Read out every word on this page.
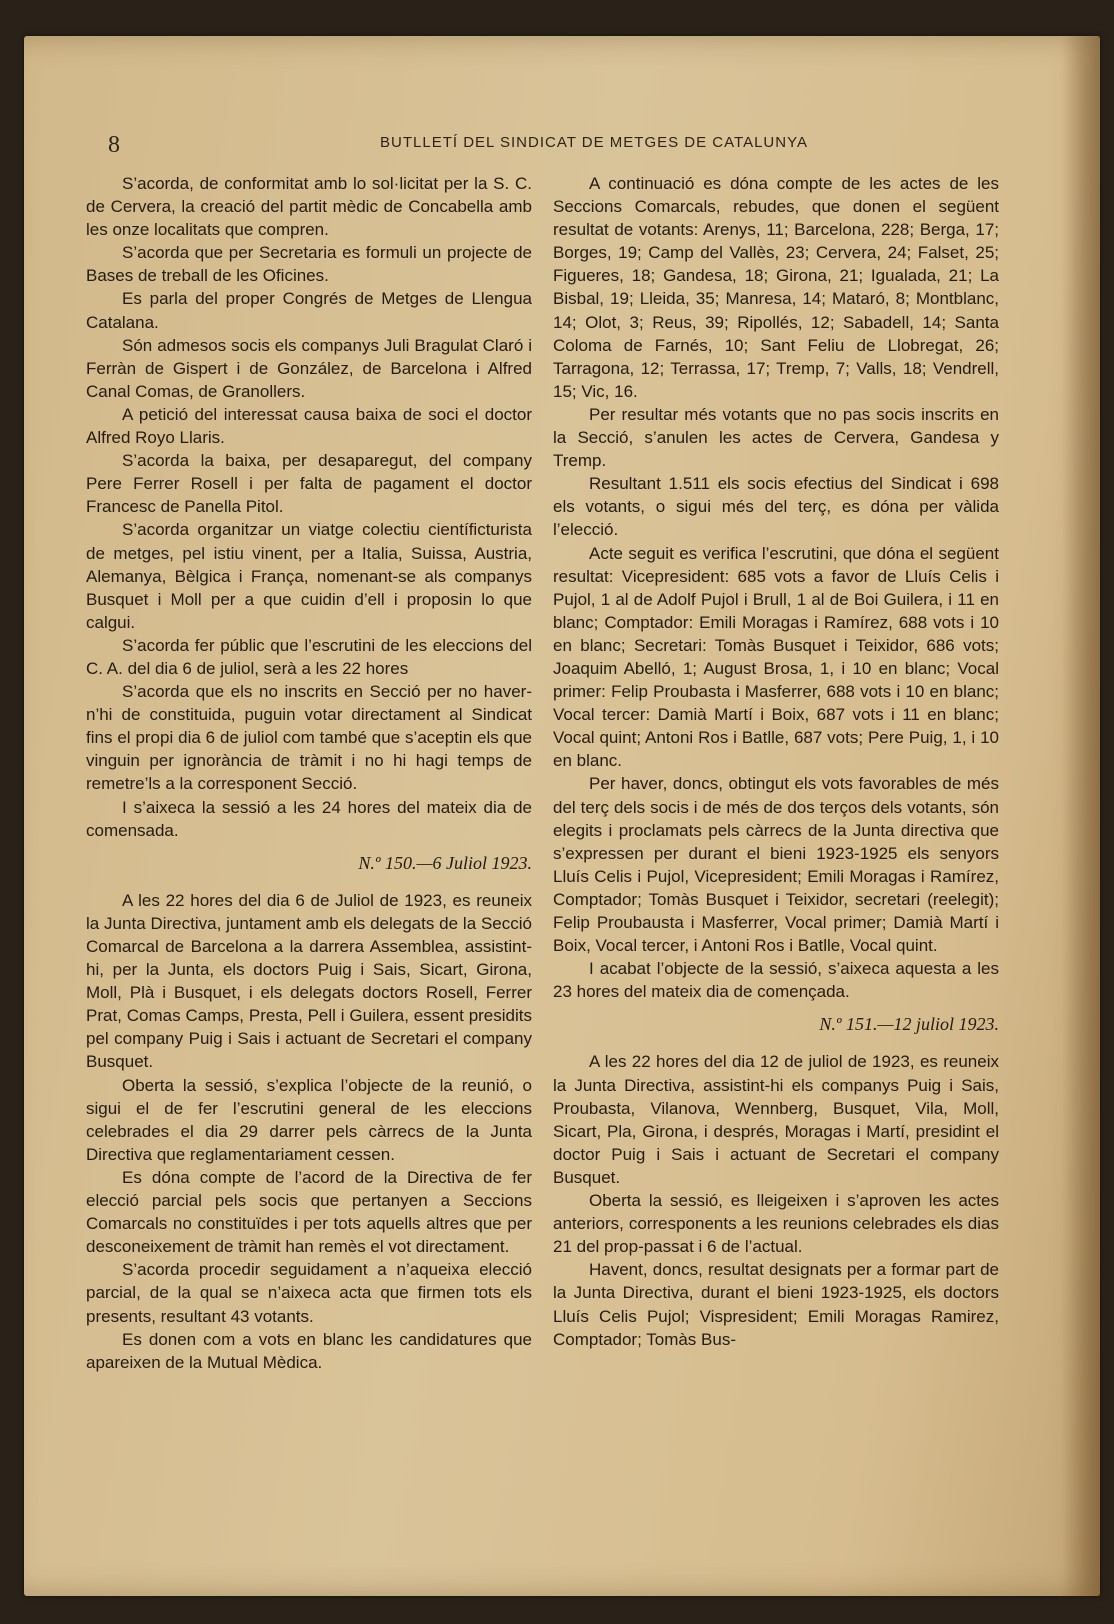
8	BUTLLETÍ DEL SINDICAT DE METGES DE CATALUNYA

S’acorda, de conformitat amb lo sol·licitat per la S. C. de Cervera, la creació del partit mèdic de Concabella amb les onze localitats que compren.

S’acorda que per Secretaria es formuli un projecte de Bases de treball de les Oficines.

Es parla del proper Congrés de Metges de Llengua Catalana.

Són admesos socis els companys Juli Bragulat Claró i Ferràn de Gispert i de González, de Barcelona i Alfred Canal Comas, de Granollers.

A petició del interessat causa baixa de soci el doctor Alfred Royo Llaris.

S’acorda la baixa, per desaparegut, del company Pere Ferrer Rosell i per falta de pagament el doctor Francesc de Panella Pitol.

S’acorda organitzar un viatge colectiu científicturista de metges, pel istiu vinent, per a Italia, Suissa, Austria, Alemanya, Bèlgica i França, nomenant-se als companys Busquet i Moll per a que cuidin d’ell i proposin lo que calgui.

S’acorda fer públic que l’escrutini de les eleccions del C. A. del dia 6 de juliol, serà a les 22 hores

S’acorda que els no inscrits en Secció per no haver-n’hi de constituida, puguin votar directament al Sindicat fins el propi dia 6 de juliol com també que s’aceptin els que vinguin per ignorància de tràmit i no hi hagi temps de remetre’ls a la corresponent Secció.

I s’aixeca la sessió a les 24 hores del mateix dia de comensada.

N.º 150.—6 Juliol 1923.

A les 22 hores del dia 6 de Juliol de 1923, es reuneix la Junta Directiva, juntament amb els delegats de la Secció Comarcal de Barcelona a la darrera Assemblea, assistint-hi, per la Junta, els doctors Puig i Sais, Sicart, Girona, Moll, Plà i Busquet, i els delegats doctors Rosell, Ferrer Prat, Comas Camps, Presta, Pell i Guilera, essent presidits pel company Puig i Sais i actuant de Secretari el company Busquet.

Oberta la sessió, s’explica l’objecte de la reunió, o sigui el de fer l’escrutini general de les eleccions celebrades el dia 29 darrer pels càrrecs de la Junta Directiva que reglamentariament cessen.

Es dóna compte de l’acord de la Directiva de fer elecció parcial pels socis que pertanyen a Seccions Comarcals no constituïdes i per tots aquells altres que per desconeixement de tràmit han remès el vot directament.

S’acorda procedir seguidament a n’aqueixa elecció parcial, de la qual se n’aixeca acta que firmen tots els presents, resultant 43 votants.

Es donen com a vots en blanc les candidatures que apareixen de la Mutual Mèdica.

A continuació es dóna compte de les actes de les Seccions Comarcals, rebudes, que donen el següent resultat de votants: Arenys, 11; Barcelona, 228; Berga, 17; Borges, 19; Camp del Vallès, 23; Cervera, 24; Falset, 25; Figueres, 18; Gandesa, 18; Girona, 21; Igualada, 21; La Bisbal, 19; Lleida, 35; Manresa, 14; Mataró, 8; Montblanc, 14; Olot, 3; Reus, 39; Ripollés, 12; Sabadell, 14; Santa Coloma de Farnés, 10; Sant Feliu de Llobregat, 26; Tarragona, 12; Terrassa, 17; Tremp, 7; Valls, 18; Vendrell, 15; Vic, 16.

Per resultar més votants que no pas socis inscrits en la Secció, s’anulen les actes de Cervera, Gandesa y Tremp.

Resultant 1.511 els socis efectius del Sindicat i 698 els votants, o sigui més del terç, es dóna per vàlida l’elecció.

Acte seguit es verifica l’escrutini, que dóna el següent resultat: Vicepresident: 685 vots a favor de Lluís Celis i Pujol, 1 al de Adolf Pujol i Brull, 1 al de Boi Guilera, i 11 en blanc; Comptador: Emili Moragas i Ramírez, 688 vots i 10 en blanc; Secretari: Tomàs Busquet i Teixidor, 686 vots; Joaquim Abelló, 1; August Brosa, 1, i 10 en blanc; Vocal primer: Felip Proubasta i Masferrer, 688 vots i 10 en blanc; Vocal tercer: Damià Martí i Boix, 687 vots i 11 en blanc; Vocal quint; Antoni Ros i Batlle, 687 vots; Pere Puig, 1, i 10 en blanc.

Per haver, doncs, obtingut els vots favorables de més del terç dels socis i de més de dos terços dels votants, són elegits i proclamats pels càrrecs de la Junta directiva que s’expressen per durant el bieni 1923-1925 els senyors Lluís Celis i Pujol, Vicepresident; Emili Moragas i Ramírez, Comptador; Tomàs Busquet i Teixidor, secretari (reelegit); Felip Proubausta i Masferrer, Vocal primer; Damià Martí i Boix, Vocal tercer, i Antoni Ros i Batlle, Vocal quint.

I acabat l’objecte de la sessió, s’aixeca aquesta a les 23 hores del mateix dia de començada.

N.º 151.—12 juliol 1923.

A les 22 hores del dia 12 de juliol de 1923, es reuneix la Junta Directiva, assistint-hi els companys Puig i Sais, Proubasta, Vilanova, Wennberg, Busquet, Vila, Moll, Sicart, Pla, Girona, i després, Moragas i Martí, presidint el doctor Puig i Sais i actuant de Secretari el company Busquet.

Oberta la sessió, es lleigeixen i s’aproven les actes anteriors, corresponents a les reunions celebrades els dias 21 del prop-passat i 6 de l’actual.

Havent, doncs, resultat designats per a formar part de la Junta Directiva, durant el bieni 1923-1925, els doctors Lluís Celis Pujol; Vispresident; Emili Moragas Ramirez, Comptador; Tomàs Bus-
